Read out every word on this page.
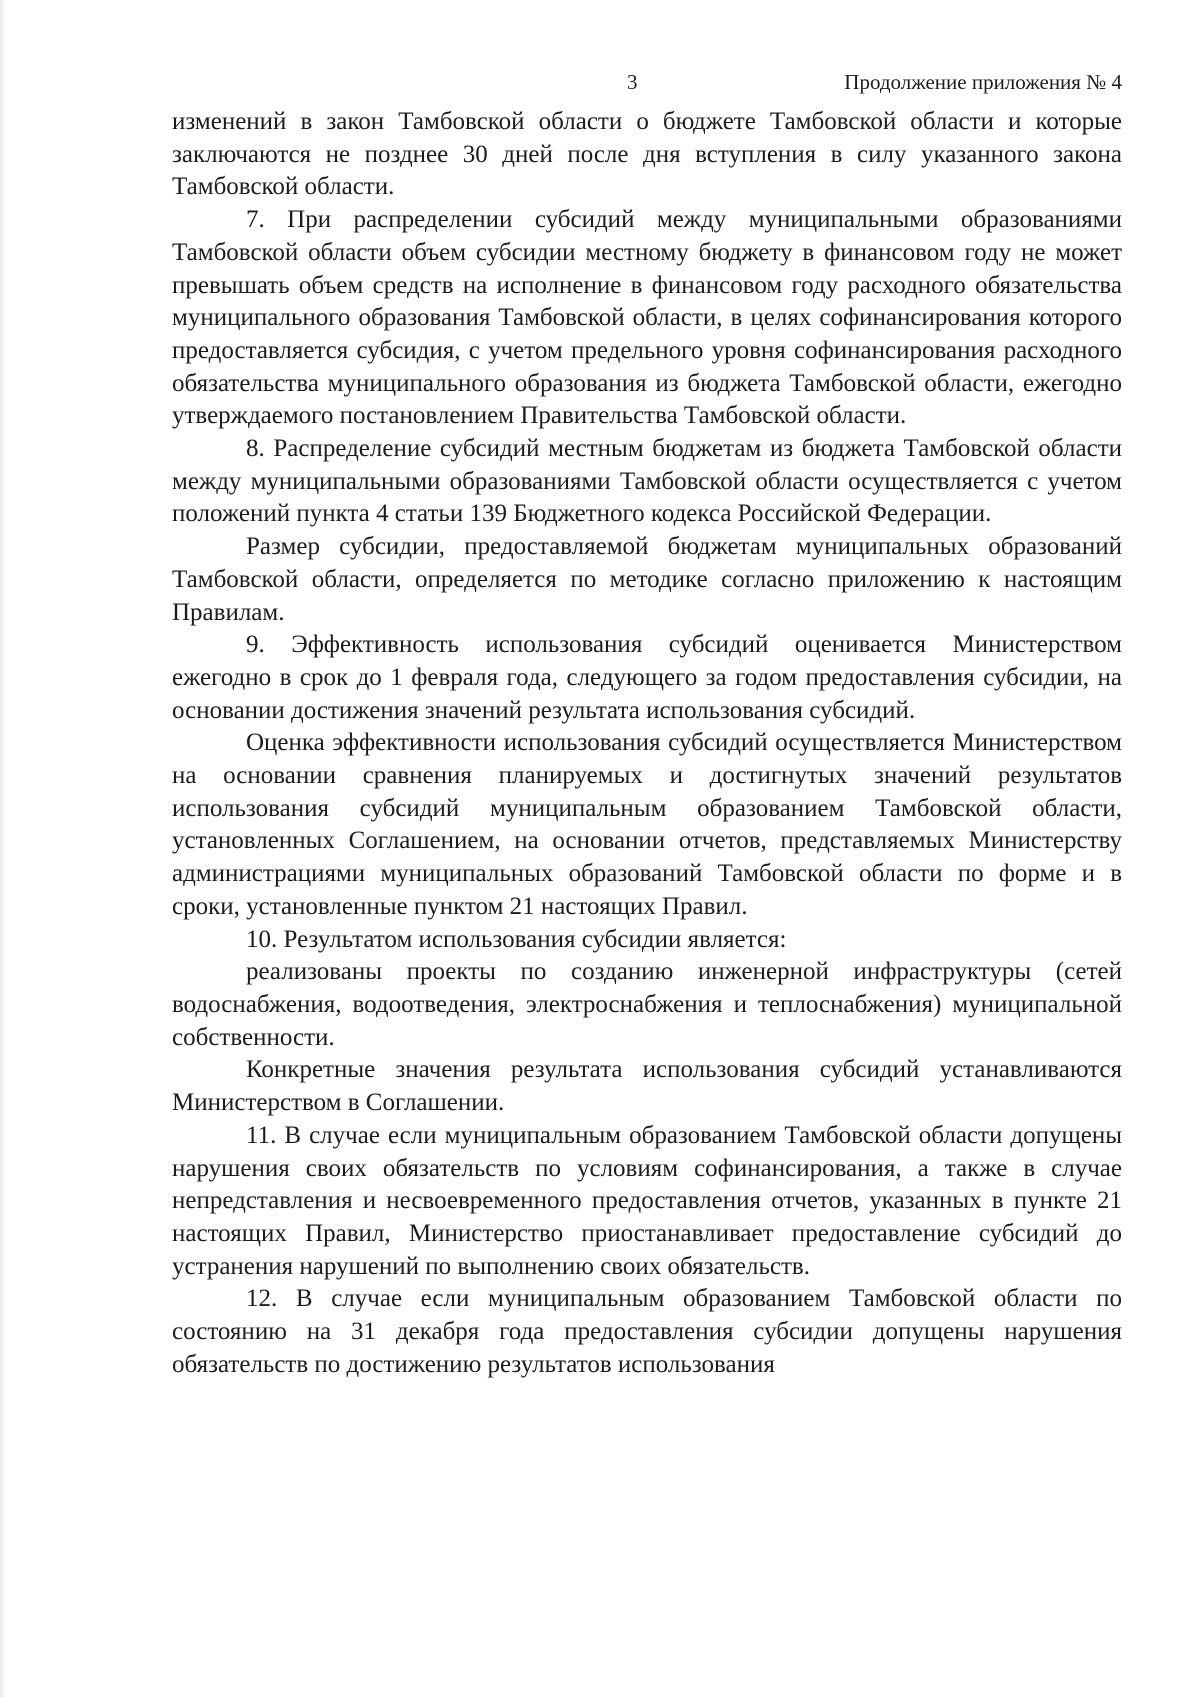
3	Продолжение приложения № 4

изменений в закон Тамбовской области о бюджете Тамбовской области и которые заключаются не позднее 30 дней после дня вступления в силу указанного закона Тамбовской области.

7. При распределении субсидий между муниципальными образованиями Тамбовской области объем субсидии местному бюджету в финансовом году не может превышать объем средств на исполнение в финансовом году расходного обязательства муниципального образования Тамбовской области, в целях софинансирования которого предоставляется субсидия, с учетом предельного уровня софинансирования расходного обязательства муниципального образования из бюджета Тамбовской области, ежегодно утверждаемого постановлением Правительства Тамбовской области.

8. Распределение субсидий местным бюджетам из бюджета Тамбовской области между муниципальными образованиями Тамбовской области осуществляется с учетом положений пункта 4 статьи 139 Бюджетного кодекса Российской Федерации.

Размер субсидии, предоставляемой бюджетам муниципальных образований Тамбовской области, определяется по методике согласно приложению к настоящим Правилам.

9. Эффективность использования субсидий оценивается Министерством ежегодно в срок до 1 февраля года, следующего за годом предоставления субсидии, на основании достижения значений результата использования субсидий.

Оценка эффективности использования субсидий осуществляется Министерством на основании сравнения планируемых и достигнутых значений результатов использования субсидий муниципальным образованием Тамбовской области, установленных Соглашением, на основании отчетов, представляемых Министерству администрациями муниципальных образований Тамбовской области по форме и в сроки, установленные пунктом 21 настоящих Правил.

10. Результатом использования субсидии является:

реализованы проекты по созданию инженерной инфраструктуры (сетей водоснабжения, водоотведения, электроснабжения и теплоснабжения) муниципальной собственности.

Конкретные значения результата использования субсидий устанавливаются Министерством в Соглашении.

11. В случае если муниципальным образованием Тамбовской области допущены нарушения своих обязательств по условиям софинансирования, а также в случае непредставления и несвоевременного предоставления отчетов, указанных в пункте 21 настоящих Правил, Министерство приостанавливает предоставление субсидий до устранения нарушений по выполнению своих обязательств.

12. В случае если муниципальным образованием Тамбовской области по состоянию на 31 декабря года предоставления субсидии допущены нарушения обязательств по достижению результатов использования
